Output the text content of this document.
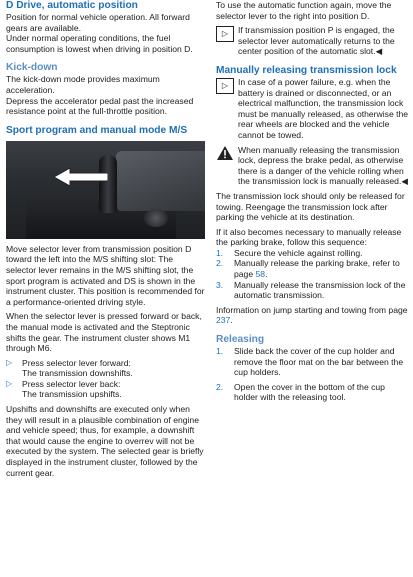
D Drive, automatic position

Position for normal vehicle operation. All forward gears are available.

Under normal operating conditions, the fuel consumption is lowest when driving in position D.

Kick-down

The kick-down mode provides maximum acceleration.

Depress the accelerator pedal past the increased resistance point at the full-throttle position.

Sport program and manual mode M/S

Move selector lever from transmission position D toward the left into the M/S shifting slot: The selector lever remains in the M/S shifting slot, the sport program is activated and DS is shown in the instrument cluster. This position is recommended for a performance-oriented driving style.

When the selector lever is pressed forward or back, the manual mode is activated and the Steptronic shifts the gear. The instrument cluster shows M1 through M6.

▷	Press selector lever forward:
The transmission downshifts.
▷	Press selector lever back:
The transmission upshifts.

Upshifts and downshifts are executed only when they will result in a plausible combination of engine and vehicle speed; thus, for example, a downshift that would cause the engine to overrev will not be executed by the system. The selected gear is briefly displayed in the instrument cluster, followed by the current gear.

To use the automatic function again, move the selector lever to the right into position D.

▷	If transmission position P is engaged, the selector lever automatically returns to the center position of the automatic slot.◀

Manually releasing transmission lock
▷	In case of a power failure, e.g. when the battery is drained or disconnected, or an electrical malfunction, the transmission lock must be manually released, as otherwise the rear wheels are blocked and the vehicle cannot be towed.

When manually releasing the transmission lock, depress the brake pedal, as otherwise there is a danger of the vehicle rolling when the transmission lock is manually released.◀

The transmission lock should only be released for towing. Reengage the transmission lock after parking the vehicle at its destination.

If it also becomes necessary to manually release the parking brake, follow this sequence:

1.	Secure the vehicle against rolling.
2.	Manually release the parking brake, refer to page 58.
3.	Manually release the transmission lock of the automatic transmission.

Information on jump starting and towing from page 237.

Releasing
1.	Slide back the cover of the cup holder and remove the floor mat on the bar between the cup holders.
2.	Open the cover in the bottom of the cup holder with the releasing tool.
